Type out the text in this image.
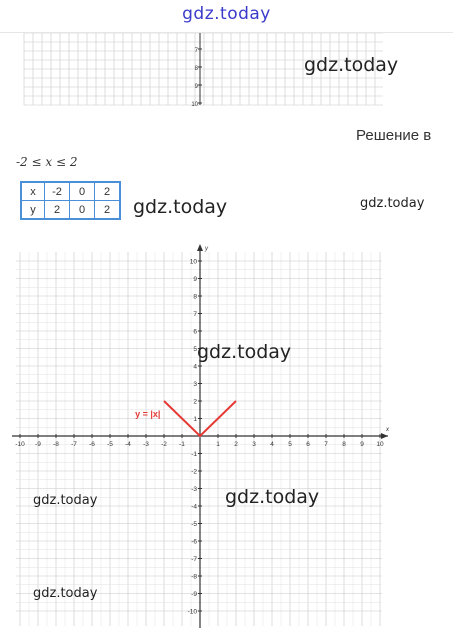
gdz.today
7
8
9
10
gdz.today
Решение в
-2 ≤ x ≤ 2
x	-2	0	2
y	2	0	2 gdz.today	gdz.today
x
y
-10 -9 -8 -7 -6 -5 -4 -3 -2 -1	1 2 3 4 5 6 7 8 9 10
-10
-9
-8
-7
-6
-5
-4
-3
-2
-1
1
2
3
4
5
6
7
8
9
10
y = |x|
gdz.today
gdz.today
gdz.today
gdz.today
